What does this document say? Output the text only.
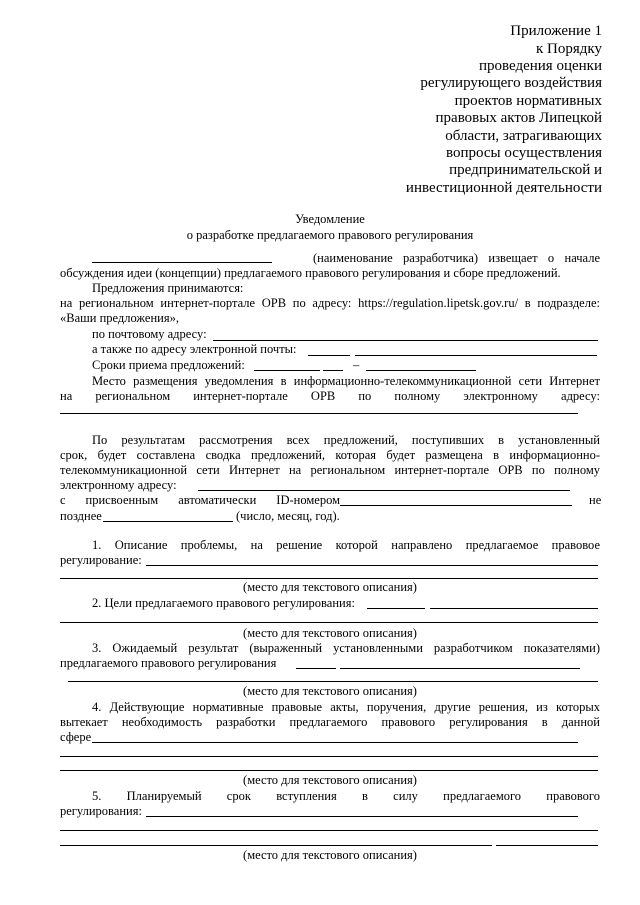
Приложение 1

к Порядку

проведения оценки

регулирующего воздействия

проектов нормативных

правовых актов Липецкой

области, затрагивающих

вопросы осуществления

предпринимательской и

инвестиционной деятельности

Уведомление

о разработке предлагаемого правового регулирования

(наименование разработчика) извещает о начале

обсуждения идеи (концепции) предлагаемого правового регулирования и сборе предложений.

Предложения принимаются:

на региональном интернет-портале ОРВ по адресу: https://regulation.lipetsk.gov.ru/ в подразделе:

«Ваши предложения»,

по почтовому адресу:

а также по адресу электронной почты:

Сроки приема предложений:	–

Место размещения уведомления в информационно-телекоммуникационной сети Интернет

на региональном интернет-портале ОРВ по полному электронному адресу:

По результатам рассмотрения всех предложений, поступивших в установленный

срок, будет составлена сводка предложений, которая будет размещена в информационно-

телекоммуникационной сети Интернет на региональном интернет-портале ОРВ по полному

электронному адресу:

с присвоенным автоматически ID-номером	не

позднее	(число, месяц, год).

1. Описание проблемы, на решение которой направлено предлагаемое правовое

регулирование:

(место для текстового описания)

2. Цели предлагаемого правового регулирования:

(место для текстового описания)

3. Ожидаемый результат (выраженный установленными разработчиком показателями)

предлагаемого правового регулирования

(место для текстового описания)

4. Действующие нормативные правовые акты, поручения, другие решения, из которых

вытекает необходимость разработки предлагаемого правового регулирования в данной

сфере

(место для текстового описания)

5. Планируемый срок вступления в силу предлагаемого правового

регулирования:

(место для текстового описания)
